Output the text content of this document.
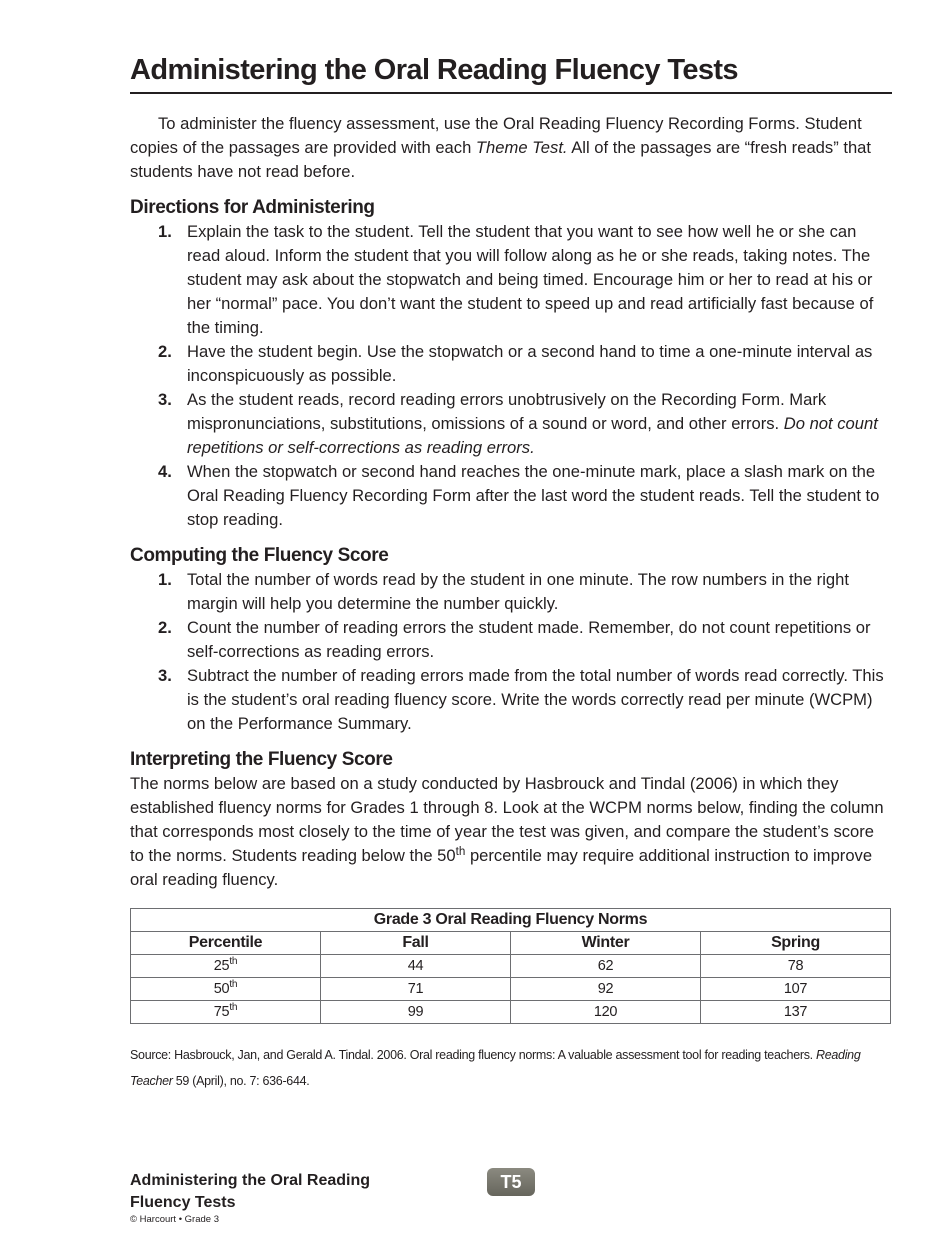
Administering the Oral Reading Fluency Tests

To administer the fluency assessment, use the Oral Reading Fluency Recording Forms. Student copies of the passages are provided with each Theme Test. All of the passages are “fresh reads” that students have not read before.

Directions for Administering
1. Explain the task to the student. Tell the student that you want to see how well he or she can read aloud. Inform the student that you will follow along as he or she reads, taking notes. The student may ask about the stopwatch and being timed. Encourage him or her to read at his or her “normal” pace. You don’t want the student to speed up and read artificially fast because of the timing.
2. Have the student begin. Use the stopwatch or a second hand to time a one-minute interval as inconspicuously as possible.
3. As the student reads, record reading errors unobtrusively on the Recording Form. Mark mispronunciations, substitutions, omissions of a sound or word, and other errors. Do not count repetitions or self-corrections as reading errors.
4. When the stopwatch or second hand reaches the one-minute mark, place a slash mark on the Oral Reading Fluency Recording Form after the last word the student reads. Tell the student to stop reading.
Computing the Fluency Score
1. Total the number of words read by the student in one minute. The row numbers in the right margin will help you determine the number quickly.
2. Count the number of reading errors the student made. Remember, do not count repetitions or self-corrections as reading errors.
3. Subtract the number of reading errors made from the total number of words read correctly. This is the student’s oral reading fluency score. Write the words correctly read per minute (WCPM) on the Performance Summary.
Interpreting the Fluency Score

The norms below are based on a study conducted by Hasbrouck and Tindal (2006) in which they established fluency norms for Grades 1 through 8. Look at the WCPM norms below, finding the column that corresponds most closely to the time of year the test was given, and compare the student’s score to the norms. Students reading below the 50th percentile may require additional instruction to improve oral reading fluency.

Grade 3 Oral Reading Fluency Norms			
Percentile	Fall	Winter	Spring
25th	44	62	78
50th	71	92	107
75th	99	120	137

Source: Hasbrouck, Jan, and Gerald A. Tindal. 2006. Oral reading fluency norms: A valuable assessment tool for reading teachers. Reading Teacher 59 (April), no. 7: 636-644.

Administering the Oral Reading
Fluency Tests
© Harcourt • Grade 3
T5
